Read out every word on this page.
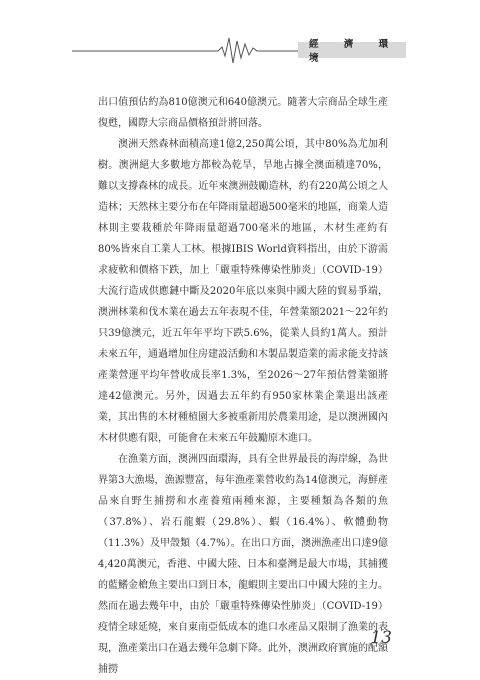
經 濟 環 境

出口值預估約為810億澳元和640億澳元。隨著大宗商品全球生產復甦，國際大宗商品價格預計將回落。

澳洲天然森林面積高達1億2,250萬公頃，其中80%為尤加利樹。澳洲絕大多數地方都較為乾旱，旱地占據全澳面積達70%，難以支撐森林的成長。近年來澳洲鼓勵造林，約有220萬公頃之人造林；天然林主要分布在年降雨量超過500毫米的地區，商業人造林則主要栽種於年降雨量超過700毫米的地區，木材生產約有80%皆來自工業人工林。根據IBIS World資料指出，由於下游需求疲軟和價格下跌，加上「嚴重特殊傳染性肺炎」（COVID-19）大流行造成供應鏈中斷及2020年底以來與中國大陸的貿易爭端，澳洲林業和伐木業在過去五年表現不佳，年營業額2021～22年約只39億澳元，近五年年平均下跌5.6%，從業人員約1萬人。預計未來五年，通過增加住房建設活動和木製品製造業的需求能支持該產業營運平均年營收成長率1.3%，至2026～27年預估營業額將達42億澳元。另外，因過去五年約有950家林業企業退出該產業，其出售的木材種植園大多被重新用於農業用途，是以澳洲國內木材供應有限，可能會在未來五年鼓勵原木進口。

在漁業方面，澳洲四面環海，具有全世界最長的海岸線，為世界第3大漁場，漁源豐富，每年漁產業營收約為14億澳元，海鮮產品來自野生捕撈和水產養殖兩種來源，主要種類為各類的魚（37.8%）、岩石龍蝦（29.8%）、蝦（16.4%）、軟體動物（11.3%）及甲殼類（4.7%）。在出口方面，澳洲漁產出口達9億4,420萬澳元，香港、中國大陸、日本和臺灣是最大市場，其捕獲的藍鰭金槍魚主要出口到日本，龍蝦則主要出口中國大陸的主力。然而在過去幾年中，由於「嚴重特殊傳染性肺炎」（COVID-19）疫情全球延燒，來自東南亞低成本的進口水產品又限制了漁業的表現，漁產業出口在過去幾年急劇下降。此外，澳洲政府實施的配額捕撈

13
